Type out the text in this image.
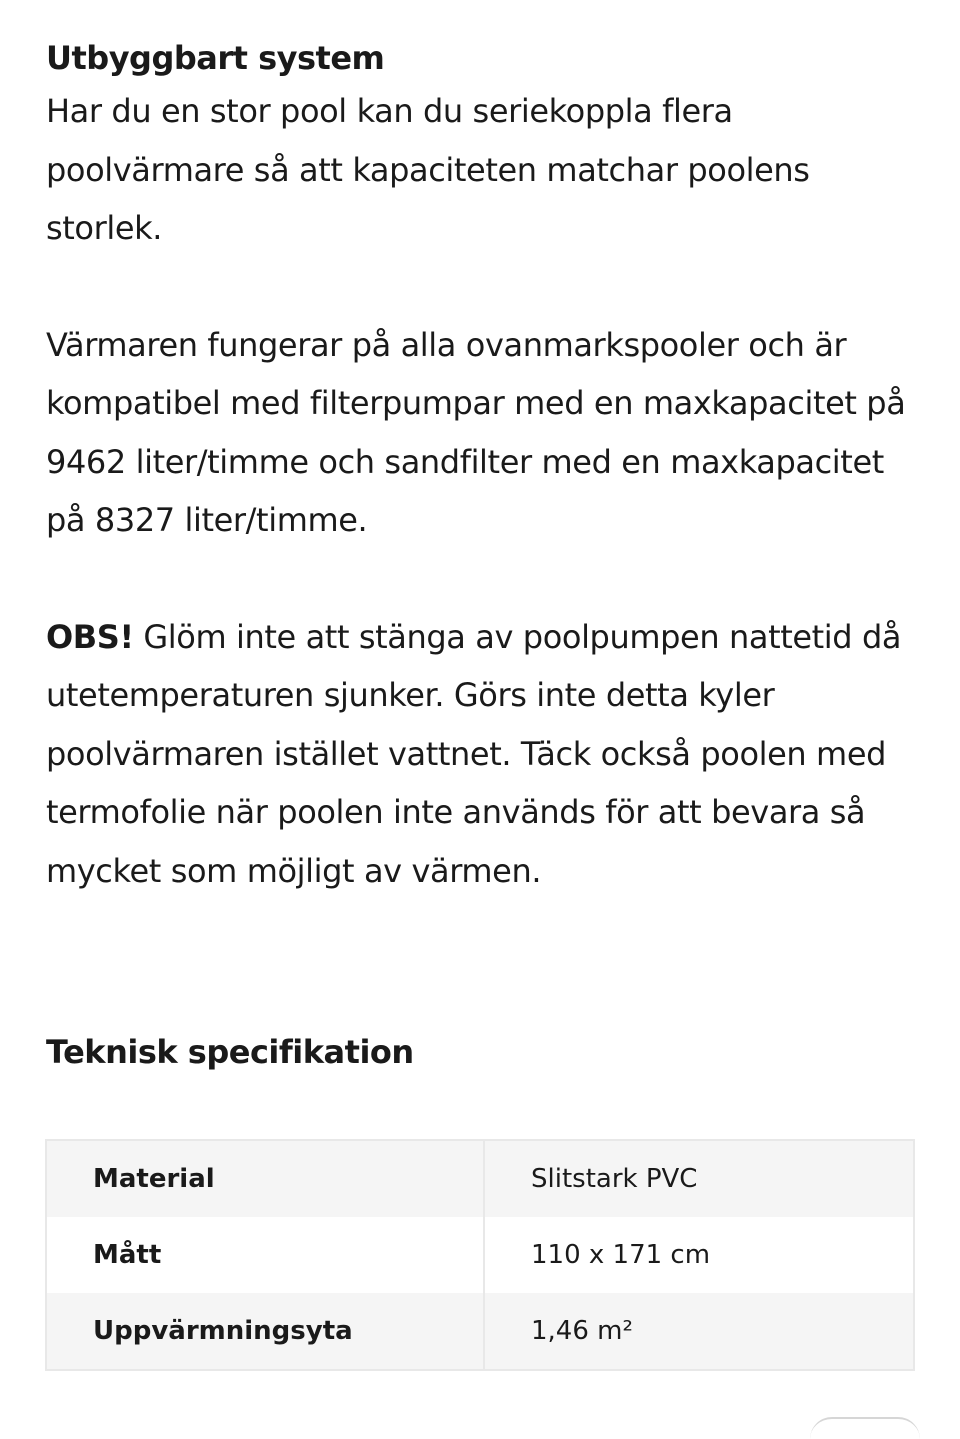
Utbyggbart system

Har du en stor pool kan du seriekoppla flera poolvärmare så att kapaciteten matchar poolens storlek.

Värmaren fungerar på alla ovanmarkspooler och är kompatibel med filterpumpar med en maxkapacitet på 9462 liter/timme och sandfilter med en maxkapacitet på 8327 liter/timme.

OBS! Glöm inte att stänga av poolpumpen nattetid då utetemperaturen sjunker. Görs inte detta kyler poolvärmaren istället vattnet. Täck också poolen med termofolie när poolen inte används för att bevara så mycket som möjligt av värmen.

Teknisk specifikation
Material	Slitstark PVC
Mått	110 x 171 cm
Uppvärmningsyta	1,46 m²
